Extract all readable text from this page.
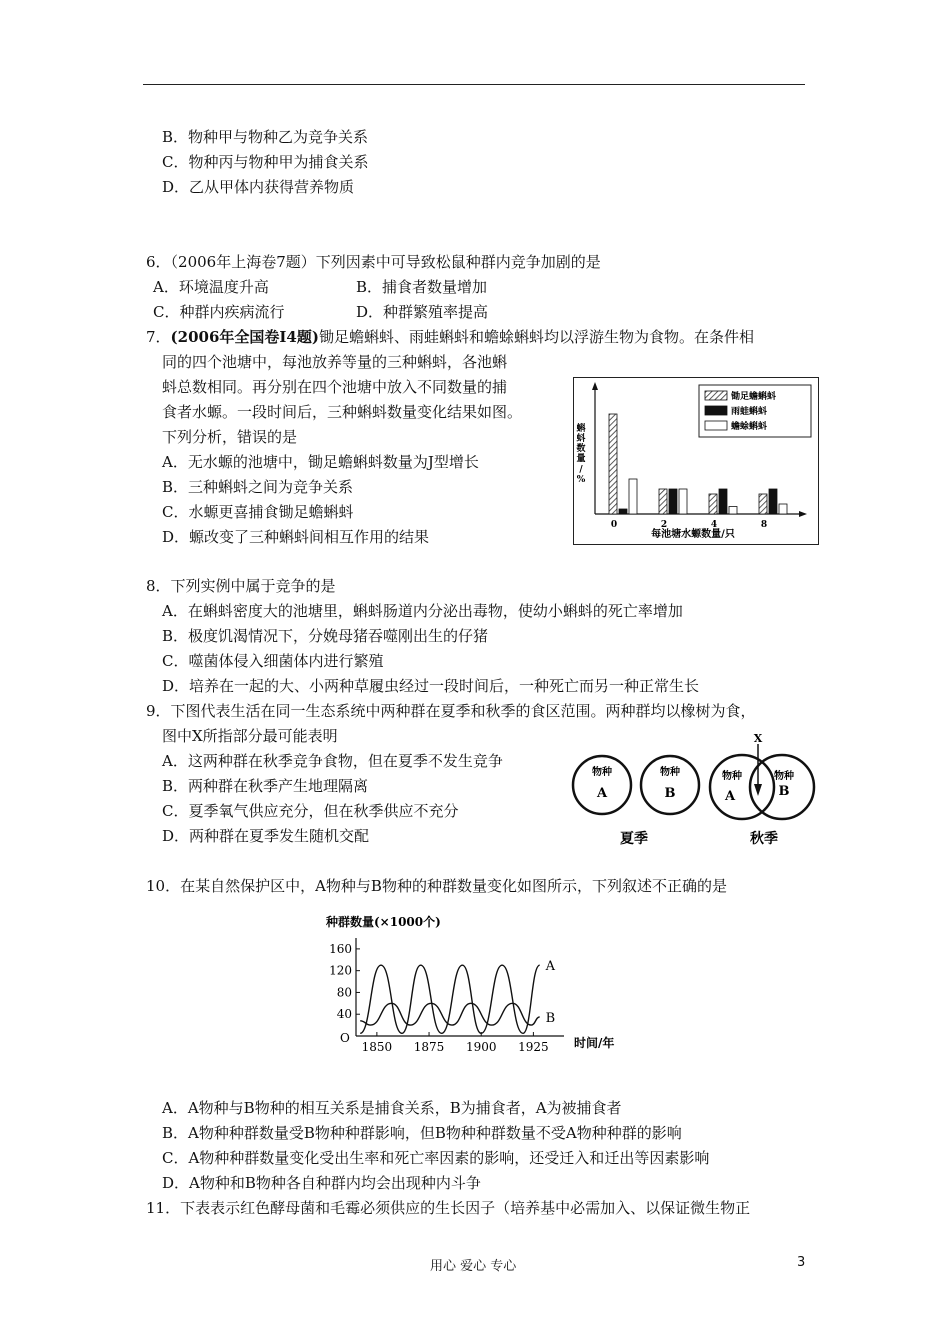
B．物种甲与物种乙为竞争关系
C．物种丙与物种甲为捕食关系
D．乙从甲体内获得营养物质
6．（2006年上海卷7题）下列因素中可导致松鼠种群内竞争加剧的是
A．环境温度升高	B．捕食者数量增加
C．种群内疾病流行	D．种群繁殖率提高
7．(2006年全国卷Ⅰ4题)锄足蟾蝌蚪、雨蛙蝌蚪和蟾蜍蝌蚪均以浮游生物为食物。在条件相
同的四个池塘中，每池放养等量的三种蝌蚪，各池蝌
蚪总数相同。再分别在四个池塘中放入不同数量的捕
食者水螈。一段时间后，三种蝌蚪数量变化结果如图。
下列分析，错误的是
A．无水螈的池塘中，锄足蟾蝌蚪数量为J型增长
B．三种蝌蚪之间为竞争关系
C．水螈更喜捕食锄足蟾蝌蚪
D．螈改变了三种蝌蚪间相互作用的结果
蝌
蚪
数
量
/
%
每池塘水螈数量/只
锄足蟾蝌蚪
雨蛙蝌蚪
蟾蜍蝌蚪
0	2	4	8
8．下列实例中属于竞争的是
A．在蝌蚪密度大的池塘里，蝌蚪肠道内分泌出毒物，使幼小蝌蚪的死亡率增加
B．极度饥渴情况下，分娩母猪吞噬刚出生的仔猪
C．噬菌体侵入细菌体内进行繁殖
D．培养在一起的大、小两种草履虫经过一段时间后，一种死亡而另一种正常生长
9．下图代表生活在同一生态系统中两种群在夏季和秋季的食区范围。两种群均以橡树为食，
图中X所指部分最可能表明
A．这两种群在秋季竞争食物，但在夏季不发生竞争
B．两种群在秋季产生地理隔离
C．夏季氧气供应充分，但在秋季供应不充分
D．两种群在夏季发生随机交配
物种
A
物种
B
物种
A
物种
B
X
夏季	秋季
10．在某自然保护区中，A物种与B物种的种群数量变化如图所示，下列叙述不正确的是
种群数量(×1000个)
O	时间/年
40
80
120
160
1850 1875 1900 1925
A
B
A．A物种与B物种的相互关系是捕食关系，B为捕食者，A为被捕食者
B．A物种种群数量受B物种种群影响，但B物种种群数量不受A物种种群的影响
C．A物种种群数量变化受出生率和死亡率因素的影响，还受迁入和迁出等因素影响
D．A物种和B物种各自种群内均会出现种内斗争
11．下表表示红色酵母菌和毛霉必须供应的生长因子（培养基中必需加入、以保证微生物正
用心 爱心 专心	3
